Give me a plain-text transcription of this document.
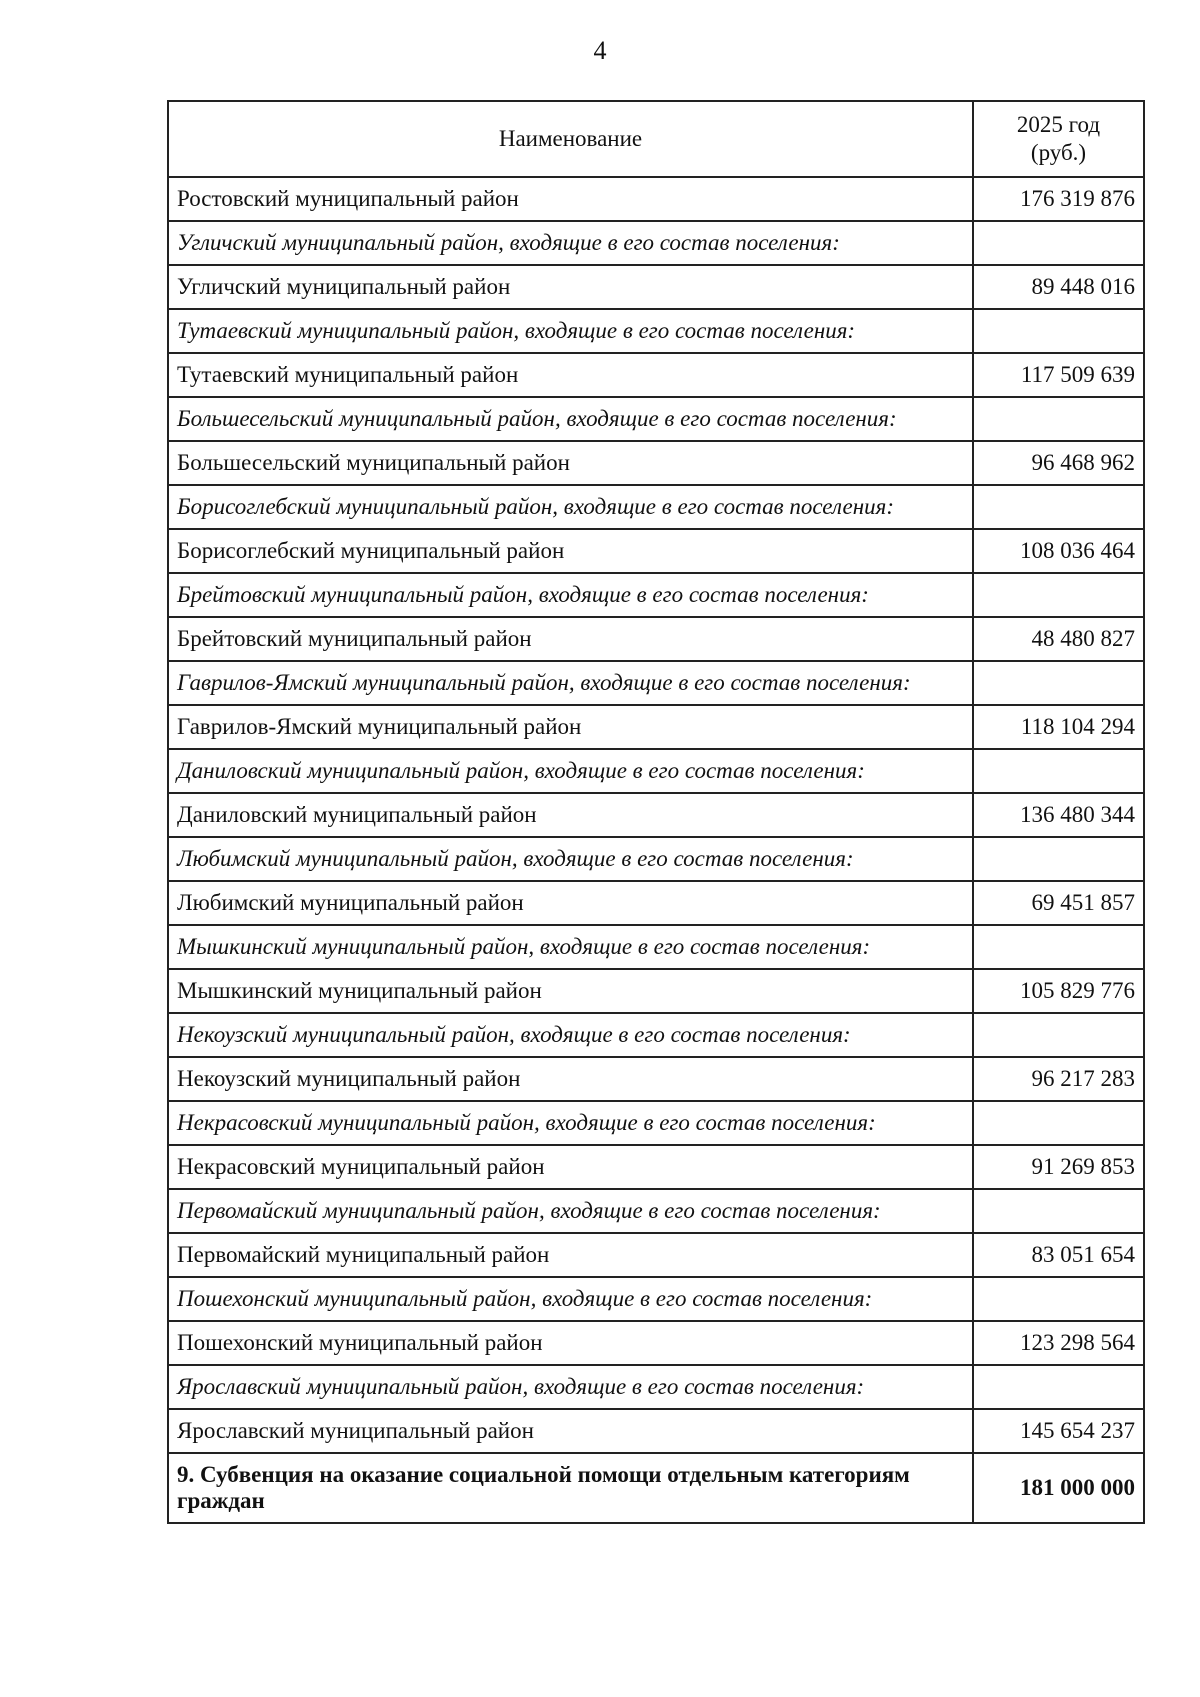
4
Наименование	2025 год
(руб.)

Ростовский муниципальный район	176 319 876
Угличский муниципальный район, входящие в его состав поселения:	
Угличский муниципальный район	89 448 016
Тутаевский муниципальный район, входящие в его состав поселения:	
Тутаевский муниципальный район	117 509 639
Большесельский муниципальный район, входящие в его состав поселения:	
Большесельский муниципальный район	96 468 962
Борисоглебский муниципальный район, входящие в его состав поселения:	
Борисоглебский муниципальный район	108 036 464
Брейтовский муниципальный район, входящие в его состав поселения:	
Брейтовский муниципальный район	48 480 827
Гаврилов-Ямский муниципальный район, входящие в его состав поселения:	
Гаврилов-Ямский муниципальный район	118 104 294
Даниловский муниципальный район, входящие в его состав поселения:	
Даниловский муниципальный район	136 480 344
Любимский муниципальный район, входящие в его состав поселения:	
Любимский муниципальный район	69 451 857
Мышкинский муниципальный район, входящие в его состав поселения:	
Мышкинский муниципальный район	105 829 776
Некоузский муниципальный район, входящие в его состав поселения:	
Некоузский муниципальный район	96 217 283
Некрасовский муниципальный район, входящие в его состав поселения:	
Некрасовский муниципальный район	91 269 853
Первомайский муниципальный район, входящие в его состав поселения:	
Первомайский муниципальный район	83 051 654
Пошехонский муниципальный район, входящие в его состав поселения:	
Пошехонский муниципальный район	123 298 564
Ярославский муниципальный район, входящие в его состав поселения:	
Ярославский муниципальный район	145 654 237
9. Субвенция на оказание социальной помощи отдельным категориям граждан	181 000 000
